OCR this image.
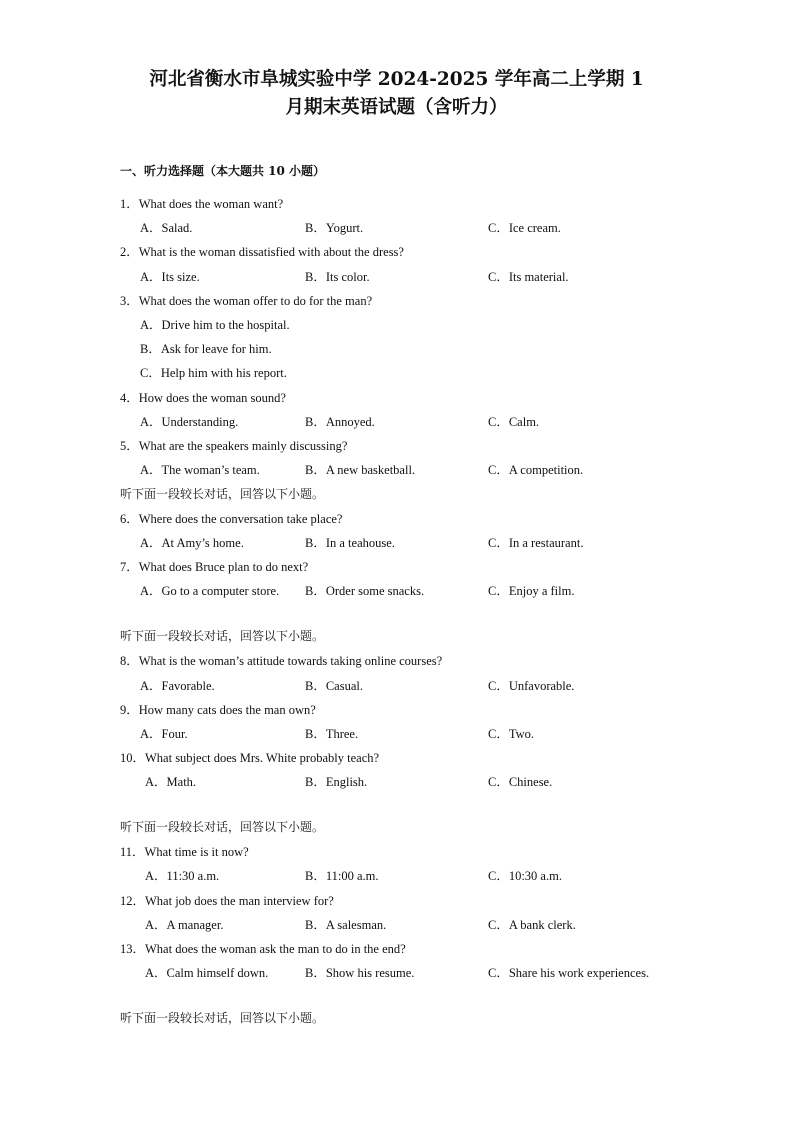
河北省衡水市阜城实验中学 2024-2025 学年高二上学期 1
月期末英语试题（含听力）
一、听力选择题（本大题共 10 小题）
1．What does the woman want?
A．Salad.	B．Yogurt.	C．Ice cream.
2．What is the woman dissatisfied with about the dress?
A．Its size.	B．Its color.	C．Its material.
3．What does the woman offer to do for the man?
A．Drive him to the hospital.
B．Ask for leave for him.
C．Help him with his report.
4．How does the woman sound?
A．Understanding.	B．Annoyed.	C．Calm.
5．What are the speakers mainly discussing?
A．The woman’s team.	B．A new basketball.	C．A competition.
听下面一段较长对话，回答以下小题。
6．Where does the conversation take place?
A．At Amy’s home.	B．In a teahouse.	C．In a restaurant.
7．What does Bruce plan to do next?
A．Go to a computer store. B．Order some snacks.	C．Enjoy a film.
听下面一段较长对话，回答以下小题。
8．What is the woman’s attitude towards taking online courses?
A．Favorable.	B．Casual.	C．Unfavorable.
9．How many cats does the man own?
A．Four.	B．Three.	C．Two.
10．What subject does Mrs. White probably teach?
A．Math.	B．English.	C．Chinese.
听下面一段较长对话，回答以下小题。
11．What time is it now?
A．11:30 a.m.	B．11:00 a.m.	C．10:30 a.m.
12．What job does the man interview for?
A．A manager.	B．A salesman.	C．A bank clerk.
13．What does the woman ask the man to do in the end?
A．Calm himself down.	B．Show his resume.	C．Share his work experiences.
听下面一段较长对话，回答以下小题。
